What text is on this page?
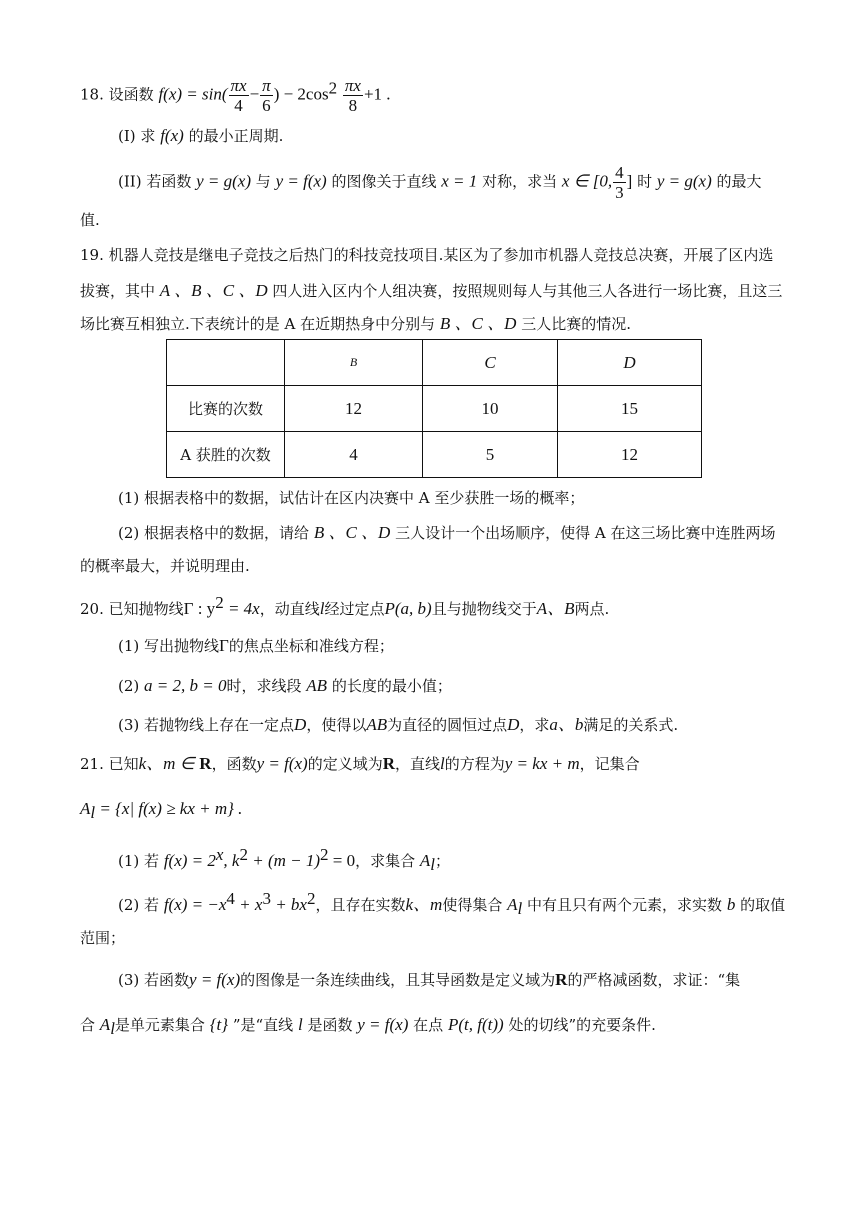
18. 设函数 $f(x) = \sin( \frac{\pi x}{4} - \frac{\pi}{6}$ ) − $2\cos^2 \frac{\pi x}{8} +1$ .
(I) 求 f(x) 的最小正周期.
(II) 若函数 y = g(x) 与 y = f(x) 的图像关于直线 x = 1 对称，求当 x ∈ [0, $\frac{4}{3}$ ] 时 y = g(x) 的最大
值.
19. 机器人竞技是继电子竞技之后热门的科技竞技项目.某区为了参加市机器人竞技总决赛，开展了区内选
拔赛，其中 A 、B 、C 、D 四人进入区内个人组决赛，按照规则每人与其他三人各进行一场比赛，且这三
场比赛互相独立.下表统计的是 A 在近期热身中分别与 B 、C 、D 三人比赛的情况.
	B	C	D
比赛的次数	12	10	15
A 获胜的次数	4	5	12
(1) 根据表格中的数据，试估计在区内决赛中 A 至少获胜一场的概率；
(2) 根据表格中的数据，请给 B 、C 、D 三人设计一个出场顺序，使得 A 在这三场比赛中连胜两场
的概率最大，并说明理由.
20. 已知抛物线Γ : $y^2 = 4x$，动直线l经过定点P(a, b)且与抛物线交于A、B两点.
(1) 写出抛物线Γ的焦点坐标和准线方程；
(2) a = 2, b = 0时，求线段 AB 的长度的最小值；
(3) 若抛物线上存在一定点D，使得以AB为直径的圆恒过点D，求a、b满足的关系式.
21. 已知k、m ∈ R，函数y = f(x)的定义域为R，直线l的方程为y = kx + m，记集合
$A_l = \{x|$ f(x) ≥ kx + m} .
(1) 若 $f(x) = 2^x$, $k^2 + (m - 1)^2 = 0$，求集合 $A_l$；
(2) 若 $f(x) = -x^4 + x^3 + bx^2$，且存在实数k、m使得集合 $A_l$ 中有且只有两个元素，求实数 b 的取值
范围；
(3) 若函数y = f(x)的图像是一条连续曲线，且其导函数是定义域为R的严格减函数，求证：“集
合 $A_l$是单元素集合 {t} ”是“直线 l 是函数 y = f(x) 在点 P(t, f(t)) 处的切线”的充要条件.
